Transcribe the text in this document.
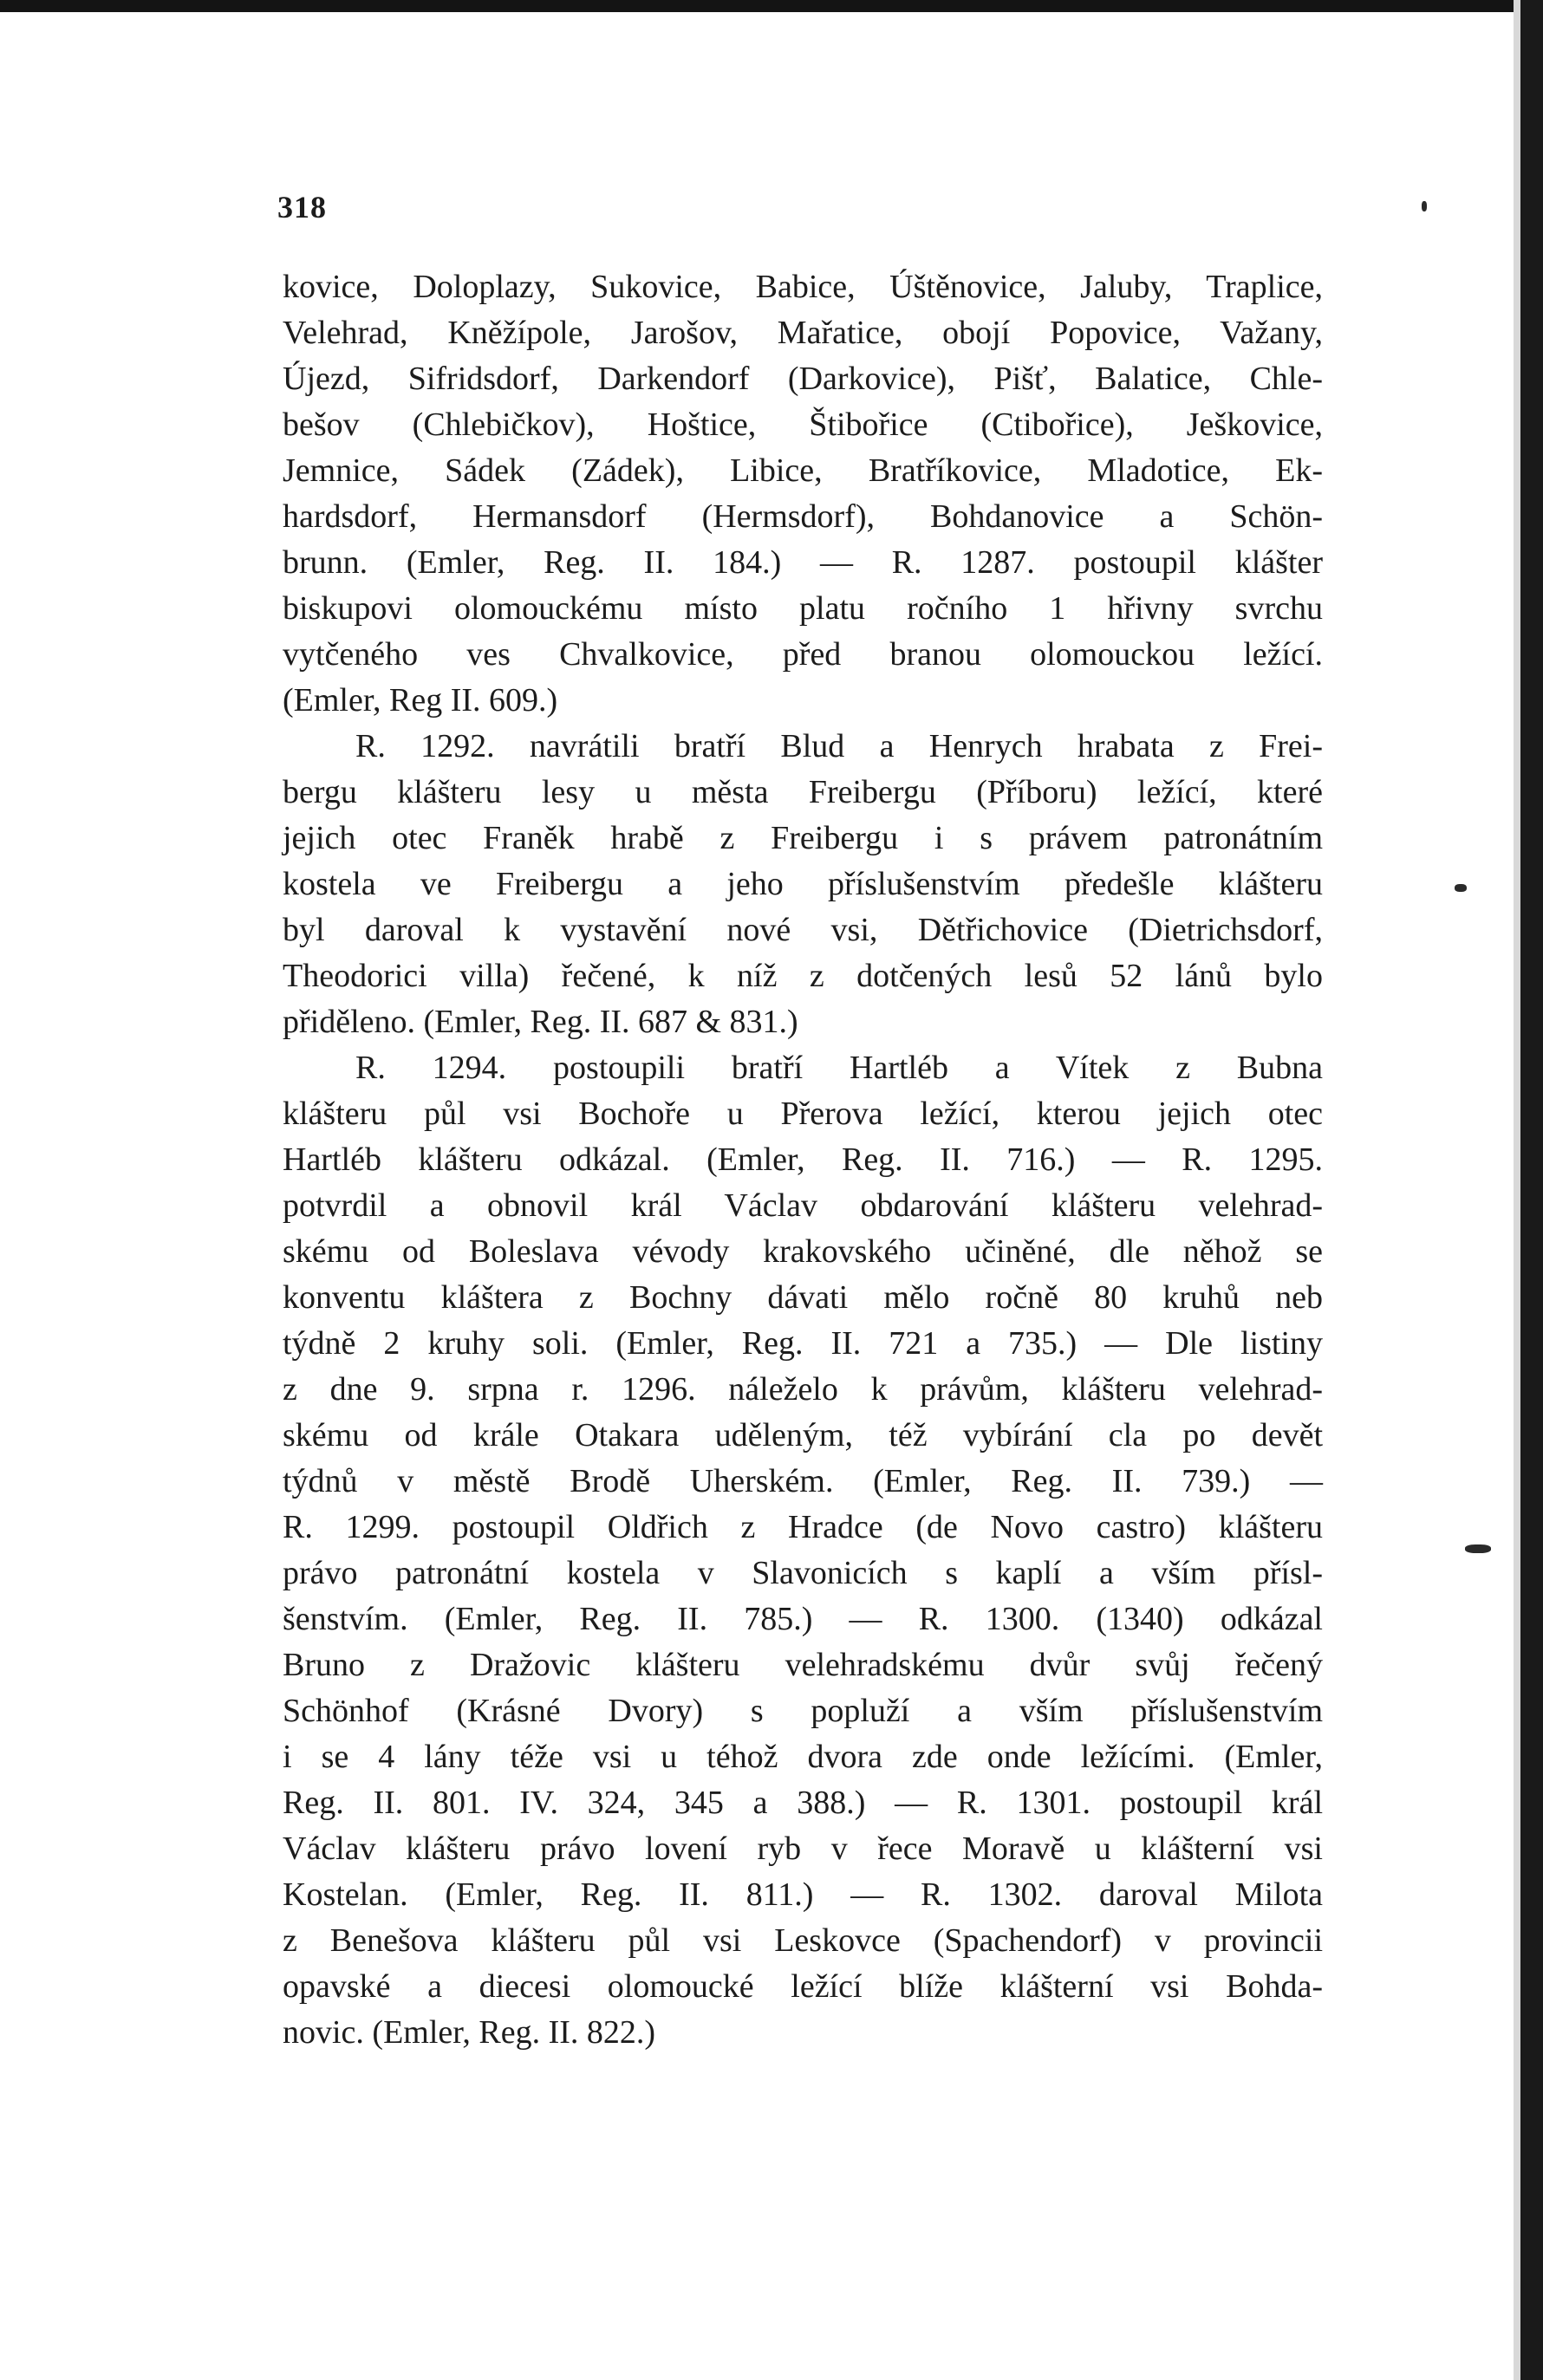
318
kovice, Doloplazy, Sukovice, Babice, Úštěnovice, Jaluby, Traplice,
Velehrad, Kněžípole, Jarošov, Mařatice, obojí Popovice, Važany,
Újezd, Sifridsdorf, Darkendorf (Darkovice), Pišť, Balatice, Chle-
bešov (Chlebičkov), Hoštice, Štibořice (Ctibořice), Ješkovice,
Jemnice, Sádek (Zádek), Libice, Bratříkovice, Mladotice, Ek-
hardsdorf, Hermansdorf (Hermsdorf), Bohdanovice a Schön-
brunn. (Emler, Reg. II. 184.) — R. 1287. postoupil klášter
biskupovi olomouckému místo platu ročního 1 hřivny svrchu
vytčeného ves Chvalkovice, před branou olomouckou ležící.
(Emler, Reg II. 609.)
R. 1292. navrátili bratří Blud a Henrych hrabata z Frei-
bergu klášteru lesy u města Freibergu (Příboru) ležící, které
jejich otec Franěk hrabě z Freibergu i s právem patronátním
kostela ve Freibergu a jeho příslušenstvím předešle klášteru
byl daroval k vystavění nové vsi, Dětřichovice (Dietrichsdorf,
Theodorici villa) řečené, k níž z dotčených lesů 52 lánů bylo
přiděleno. (Emler, Reg. II. 687 & 831.)
R. 1294. postoupili bratří Hartléb a Vítek z Bubna
klášteru půl vsi Bochoře u Přerova ležící, kterou jejich otec
Hartléb klášteru odkázal. (Emler, Reg. II. 716.) — R. 1295.
potvrdil a obnovil král Václav obdarování klášteru velehrad-
skému od Boleslava vévody krakovského učiněné, dle něhož se
konventu kláštera z Bochny dávati mělo ročně 80 kruhů neb
týdně 2 kruhy soli. (Emler, Reg. II. 721 a 735.) — Dle listiny
z dne 9. srpna r. 1296. náleželo k právům, klášteru velehrad-
skému od krále Otakara uděleným, též vybírání cla po devět
týdnů v městě Brodě Uherském. (Emler, Reg. II. 739.) —
R. 1299. postoupil Oldřich z Hradce (de Novo castro) klášteru
právo patronátní kostela v Slavonicích s kaplí a vším přísl-
šenstvím. (Emler, Reg. II. 785.) — R. 1300. (1340) odkázal
Bruno z Dražovic klášteru velehradskému dvůr svůj řečený
Schönhof (Krásné Dvory) s popluží a vším příslušenstvím
i se 4 lány téže vsi u téhož dvora zde onde ležícími. (Emler,
Reg. II. 801. IV. 324, 345 a 388.) — R. 1301. postoupil král
Václav klášteru právo lovení ryb v řece Moravě u klášterní vsi
Kostelan. (Emler, Reg. II. 811.) — R. 1302. daroval Milota
z Benešova klášteru půl vsi Leskovce (Spachendorf) v provincii
opavské a diecesi olomoucké ležící blíže klášterní vsi Bohda-
novic. (Emler, Reg. II. 822.)
